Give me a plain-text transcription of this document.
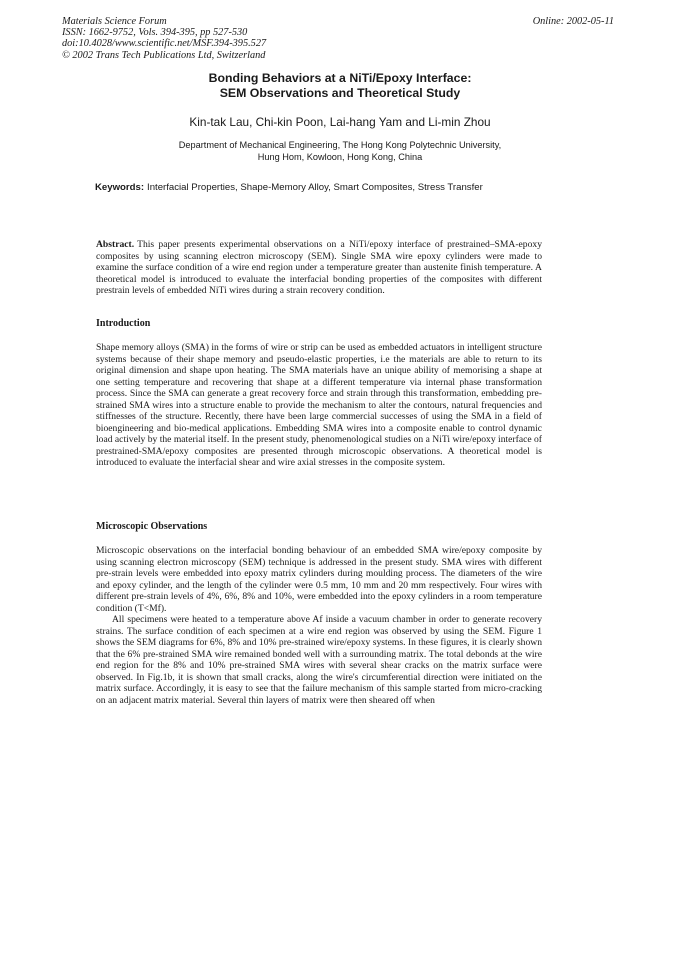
Materials Science Forum
ISSN: 1662-9752, Vols. 394-395, pp 527-530
doi:10.4028/www.scientific.net/MSF.394-395.527
© 2002 Trans Tech Publications Ltd, Switzerland
Online: 2002-05-11
Bonding Behaviors at a NiTi/Epoxy Interface:
SEM Observations and Theoretical Study
Kin-tak Lau, Chi-kin Poon, Lai-hang Yam and Li-min Zhou
Department of Mechanical Engineering, The Hong Kong Polytechnic University,
Hung Hom, Kowloon, Hong Kong, China
Keywords: Interfacial Properties, Shape-Memory Alloy, Smart Composites, Stress Transfer
Abstract. This paper presents experimental observations on a NiTi/epoxy interface of prestrained–SMA-epoxy composites by using scanning electron microscopy (SEM). Single SMA wire epoxy cylinders were made to examine the surface condition of a wire end region under a temperature greater than austenite finish temperature. A theoretical model is introduced to evaluate the interfacial bonding properties of the composites with different prestrain levels of embedded NiTi wires during a strain recovery condition.
Introduction
Shape memory alloys (SMA) in the forms of wire or strip can be used as embedded actuators in intelligent structure systems because of their shape memory and pseudo-elastic properties, i.e the materials are able to return to its original dimension and shape upon heating. The SMA materials have an unique ability of memorising a shape at one setting temperature and recovering that shape at a different temperature via internal phase transformation process. Since the SMA can generate a great recovery force and strain through this transformation, embedding pre-strained SMA wires into a structure enable to provide the mechanism to alter the contours, natural frequencies and stiffnesses of the structure. Recently, there have been large commercial successes of using the SMA in a field of bioengineering and bio-medical applications. Embedding SMA wires into a composite enable to control dynamic load actively by the material itself. In the present study, phenomenological studies on a NiTi wire/epoxy interface of prestrained-SMA/epoxy composites are presented through microscopic observations. A theoretical model is introduced to evaluate the interfacial shear and wire axial stresses in the composite system.
Microscopic Observations
Microscopic observations on the interfacial bonding behaviour of an embedded SMA wire/epoxy composite by using scanning electron microscopy (SEM) technique is addressed in the present study. SMA wires with different pre-strain levels were embedded into epoxy matrix cylinders during moulding process. The diameters of the wire and epoxy cylinder, and the length of the cylinder were 0.5 mm, 10 mm and 20 mm respectively. Four wires with different pre-strain levels of 4%, 6%, 8% and 10%, were embedded into the epoxy cylinders in a room temperature condition (T<Mf).
All specimens were heated to a temperature above Af inside a vacuum chamber in order to generate recovery strains. The surface condition of each specimen at a wire end region was observed by using the SEM. Figure 1 shows the SEM diagrams for 6%, 8% and 10% pre-strained wire/epoxy systems. In these figures, it is clearly shown that the 6% pre-strained SMA wire remained bonded well with a surrounding matrix. The total debonds at the wire end region for the 8% and 10% pre-strained SMA wires with several shear cracks on the matrix surface were observed. In Fig.1b, it is shown that small cracks, along the wire's circumferential direction were initiated on the matrix surface. Accordingly, it is easy to see that the failure mechanism of this sample started from micro-cracking on an adjacent matrix material. Several thin layers of matrix were then sheared off when
